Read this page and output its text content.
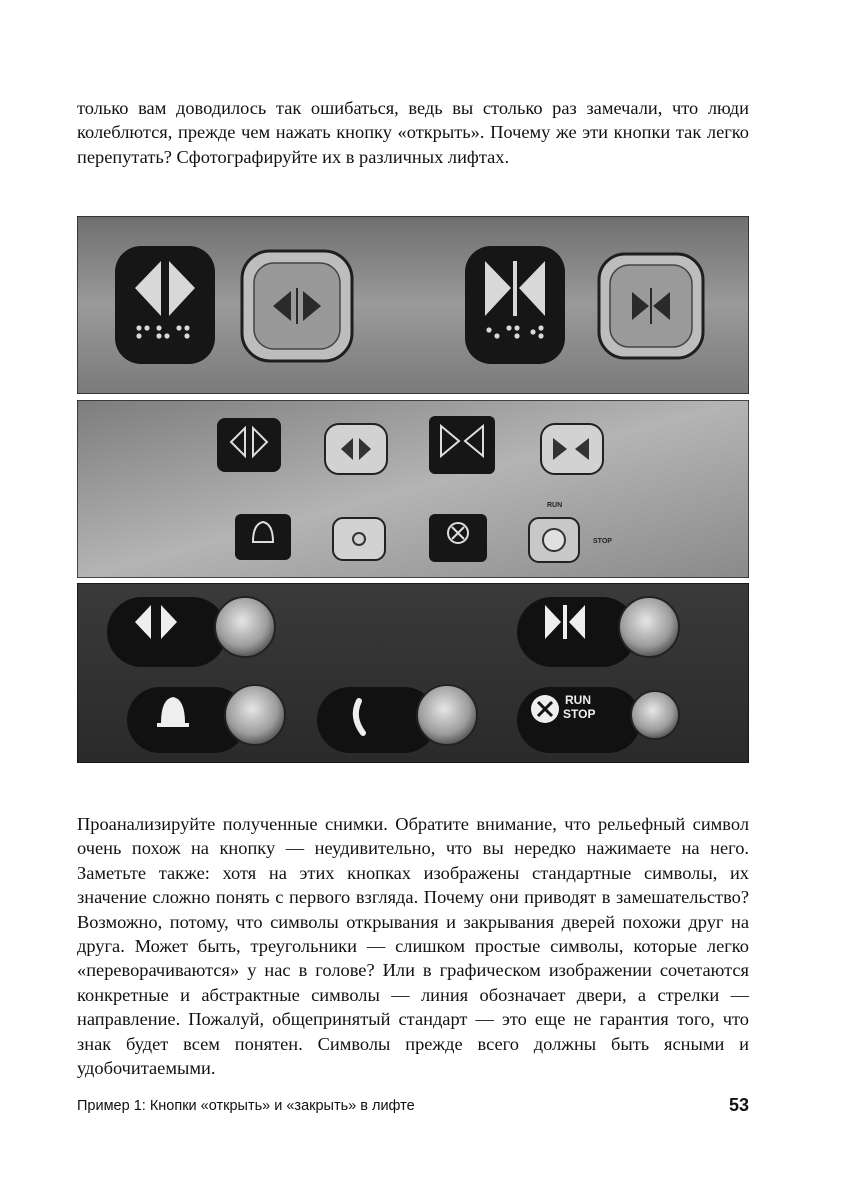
только вам доводилось так ошибаться, ведь вы столько раз замечали, что люди колеблются, прежде чем нажать кнопку «открыть». Почему же эти кнопки так легко перепутать? Сфотографируйте их в различных лифтах.

RUN
STOP
RUN
STOP

Проанализируйте полученные снимки. Обратите внимание, что рельефный символ очень похож на кнопку — неудивительно, что вы нередко нажимаете на него. Заметьте также: хотя на этих кнопках изображены стандартные символы, их значение сложно понять с первого взгляда. Почему они приводят в замешательство? Возможно, потому, что символы открывания и закрывания дверей похожи друг на друга. Может быть, треугольники — слишком простые символы, которые легко «переворачиваются» у нас в голове? Или в графическом изображении сочетаются конкретные и абстрактные символы — линия обозначает двери, а стрелки — направление. Пожалуй, общепринятый стандарт — это еще не гарантия того, что знак будет всем понятен. Символы прежде всего должны быть ясными и удобочитаемыми.

Пример 1: Кнопки «открыть» и «закрыть» в лифте	53
